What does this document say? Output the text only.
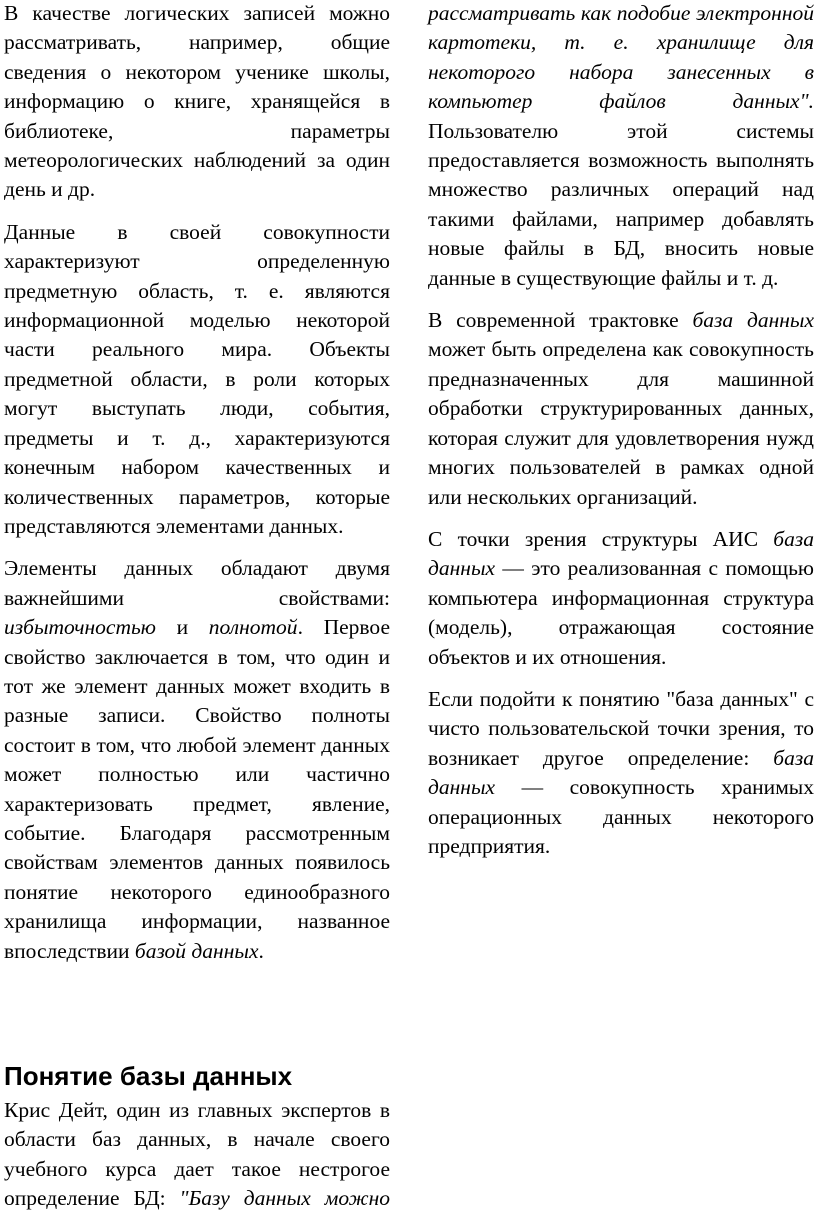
В качестве логических записей можно рассматривать, например, общие сведения о некотором ученике школы, информацию о книге, хранящейся в библиотеке, параметры метеорологических наблюдений за один день и др.

Данные в своей совокупности характеризуют определенную предметную область, т. е. являются информационной моделью некоторой части реального мира. Объекты предметной области, в роли которых могут выступать люди, события, предметы и т. д., характеризуются конечным набором качественных и количественных параметров, которые представляются элементами данных.

Элементы данных обладают двумя важнейшими свойствами: избыточностью и полнотой. Первое свойство заключается в том, что один и тот же элемент данных может входить в разные записи. Свойство полноты состоит в том, что любой элемент данных может полностью или частично характеризовать предмет, явление, событие. Благодаря рассмотренным свойствам элементов данных появилось понятие некоторого единообразного хранилища информации, названное впоследствии базой данных.

Понятие базы данных

Крис Дейт, один из главных экспертов в области баз данных, в начале своего учебного курса дает такое нестрогое определение БД: "Базу данных можно

рассматривать как подобие электронной картотеки, т. е. хранилище для некоторого набора занесенных в компьютер файлов данных". Пользователю этой системы предоставляется возможность выполнять множество различных операций над такими файлами, например добавлять новые файлы в БД, вносить новые данные в существующие файлы и т. д.

В современной трактовке база данных может быть определена как совокупность предназначенных для машинной обработки структурированных данных, которая служит для удовлетворения нужд многих пользователей в рамках одной или нескольких организаций.

С точки зрения структуры АИС база данных — это реализованная с помощью компьютера информационная структура (модель), отражающая состояние объектов и их отношения.

Если подойти к понятию "база данных" с чисто пользовательской точки зрения, то возникает другое определение: база данных — совокупность хранимых операционных данных некоторого предприятия.
